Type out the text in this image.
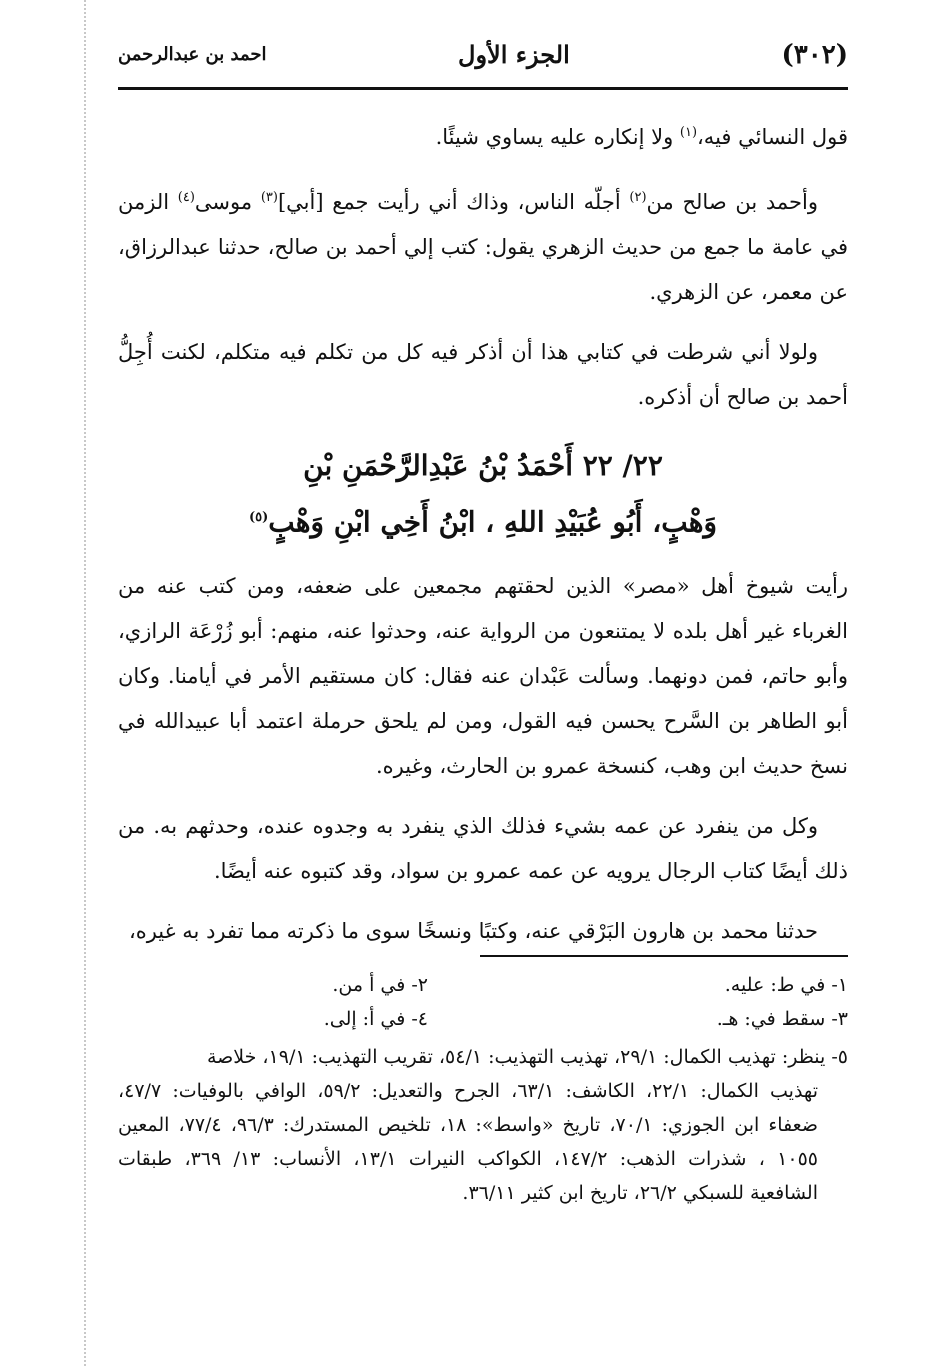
(٣٠٢)
الجزء الأول
احمد بن عبدالرحمن

قول النسائي فيه،$^{(١)}$ ولا إنكاره عليه يساوي شيئًا.

وأحمد بن صالح من$^{(٢)}$ أجلّه الناس، وذاك أني رأيت جمع [أبي]$^{(٣)}$ موسى$^{(٤)}$ الزمن في عامة ما جمع من حديث الزهري يقول: كتب إلي أحمد بن صالح، حدثنا عبدالرزاق، عن معمر، عن الزهري.

ولولا أني شرطت في كتابي هذا أن أذكر فيه كل من تكلم فيه متكلم، لكنت أُجِلُّ أحمد بن صالح أن أذكره.

٢٢/ ٢٢ أَحْمَدُ بْنُ عَبْدِالرَّحْمَنِ بْنِ
وَهْبٍ، أَبُو عُبَيْدِ اللهِ ، ابْنُ أَخِي ابْنِ وَهْبٍ$^{(٥)}$

رأيت شيوخ أهل «مصر» الذين لحقتهم مجمعين على ضعفه، ومن كتب عنه من الغرباء غير أهل بلده لا يمتنعون من الرواية عنه، وحدثوا عنه، منهم: أبو زُرْعَة الرازي، وأبو حاتم، فمن دونهما. وسألت عَبْدان عنه فقال: كان مستقيم الأمر في أيامنا. وكان أبو الطاهر بن السَّرح يحسن فيه القول، ومن لم يلحق حرملة اعتمد أبا عبيدالله في نسخ حديث ابن وهب، كنسخة عمرو بن الحارث، وغيره.

وكل من ينفرد عن عمه بشيء فذلك الذي ينفرد به وجدوه عنده، وحدثهم به. من ذلك أيضًا كتاب الرجال يرويه عن عمه عمرو بن سواد، وقد كتبوه عنه أيضًا.

حدثنا محمد بن هارون البَرْقي عنه، وكتبًا ونسخًا سوى ما ذكرته مما تفرد به غيره،

١- في ط: عليه.
٢- في أ من.
٣- سقط في: هـ.
٤- في أ: إلى.
٥- ينظر: تهذيب الكمال: ٢٩/١، تهذيب التهذيب: ٥٤/١، تقريب التهذيب: ١٩/١، خلاصة
تهذيب الكمال: ٢٢/١، الكاشف: ٦٣/١، الجرح والتعديل: ٥٩/٢، الوافي بالوفيات: ٤٧/٧، ضعفاء ابن الجوزي: ٧٠/١، تاريخ «واسط»: ١٨، تلخيص المستدرك: ٩٦/٣، ٧٧/٤، المعين ١٠٥٥ ، شذرات الذهب: ١٤٧/٢، الكواكب النيرات ١٣/١، الأنساب: ١٣/ ٣٦٩، طبقات الشافعية للسبكي ٢٦/٢، تاريخ ابن كثير ٣٦/١١.
